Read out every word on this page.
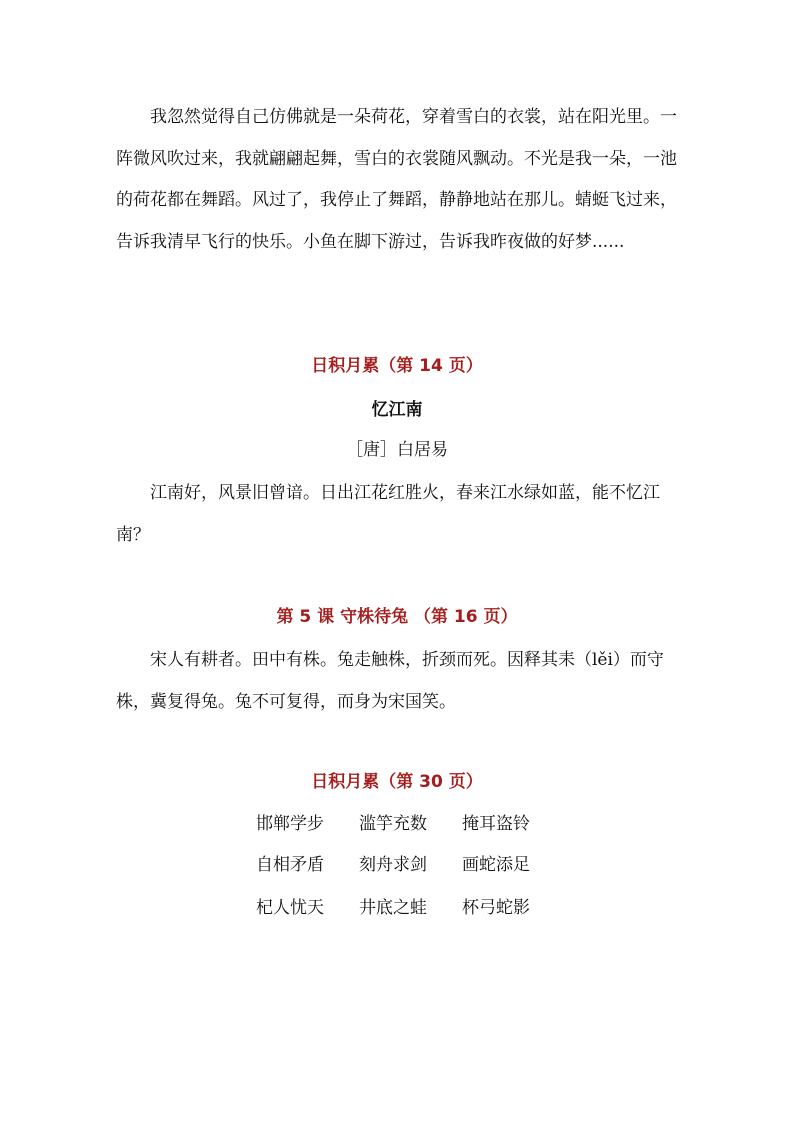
我忽然觉得自己仿佛就是一朵荷花，穿着雪白的衣裳，站在阳光里。一阵微风吹过来，我就翩翩起舞，雪白的衣裳随风飘动。不光是我一朵，一池的荷花都在舞蹈。风过了，我停止了舞蹈，静静地站在那儿。蜻蜓飞过来，告诉我清早飞行的快乐。小鱼在脚下游过，告诉我昨夜做的好梦......

日积月累（第 14 页）

忆江南

［唐］白居易

江南好，风景旧曾谙。日出江花红胜火，春来江水绿如蓝，能不忆江南？

第 5 课 守株待兔 （第 16 页）

宋人有耕者。田中有株。兔走触株，折颈而死。因释其耒（lěi）而守株，冀复得兔。兔不可复得，而身为宋国笑。

日积月累（第 30 页）

邯郸学步	滥竽充数	掩耳盗铃
自相矛盾	刻舟求剑	画蛇添足
杞人忧天	井底之蛙	杯弓蛇影
